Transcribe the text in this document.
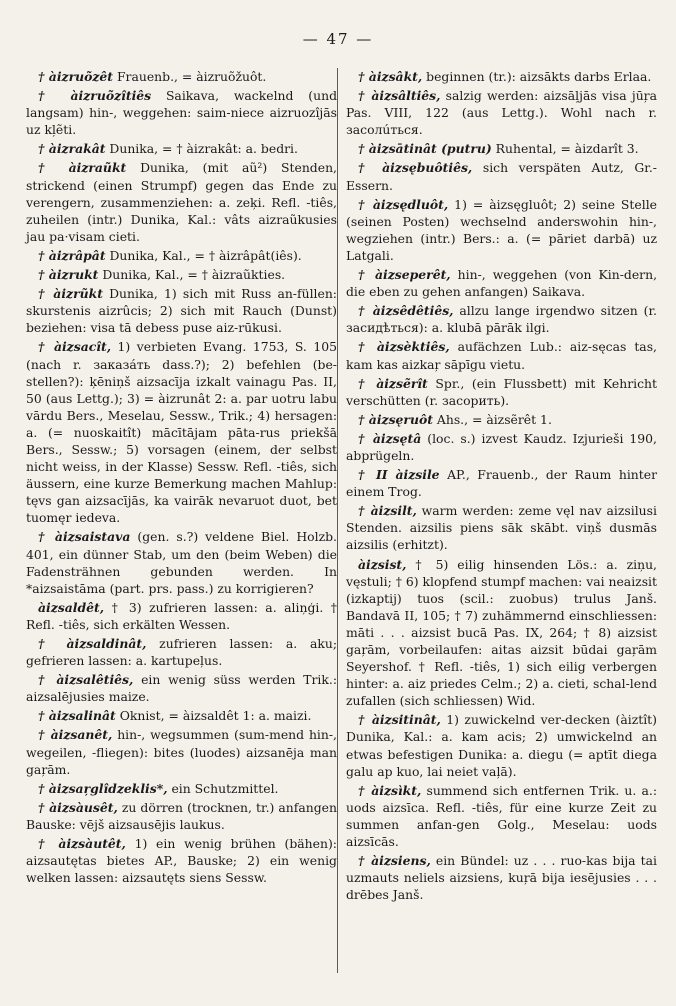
— 47 —

† àizruõzêt Frauenb., = àizruõžuôt.

† àizruõzîtiês Saikava, wackelnd (und langsam) hin-, weggehen: saim-niece aizruozîjās uz kl̦ẽti.

† àizrakât Dunika, = † àizrakât: a. bedri.

† àizraũkt Dunika, (mit aũ²) Stenden, strickend (einen Strumpf) gegen das Ende zu verengern, zusammenziehen: a. zeķi. Refl. -tiês, zuheilen (intr.) Dunika, Kal.: vâts aizraũkusies jau pa·visam cieti.

† àizrâpât Dunika, Kal., = † àizrâpât(iês).

† àizrukt Dunika, Kal., = † àizraũkties.

† àizrũkt Dunika, 1) sich mit Russ an-füllen: skurstenis aizrûcis; 2) sich mit Rauch (Dunst) beziehen: visa tā debess puse aiz-rūkusi.

† àizsacît, 1) verbieten Evang. 1753, S. 105 (nach r. заказáть dass.?); 2) befehlen (be-stellen?): ķēniņš aizsacīja izkalt vainagu Pas. II, 50 (aus Lettg.); 3) = àizrunât 2: a. par uotru labu vārdu Bers., Meselau, Sessw., Trik.; 4) hersagen: a. (= nuoskaitît) mācītājam pāta-rus priekšā Bers., Sessw.; 5) vorsagen (einem, der selbst nicht weiss, in der Klasse) Sessw. Refl. -tiês, sich äussern, eine kurze Bemerkung machen Mahlup: tęvs gan aizsacījās, ka vairāk nevaruot duot, bet tuomęr iedeva.

† àizsaistava (gen. s.?) veldene Biel. Holzb. 401, ein dünner Stab, um den (beim Weben) die Fadensträhnen gebunden werden. In *aizsaistāma (part. prs. pass.) zu korrigieren?

àizsaldêt, † 3) zufrieren lassen: a. aliņģi. † Refl. -tiês, sich erkälten Wessen.

† àizsaldinât, zufrieren lassen: a. aku; gefrieren lassen: a. kartupeļus.

† àizsalêtiês, ein wenig süss werden Trik.: aizsalējusies maize.

† àizsalinât Oknist, = àizsaldêt 1: a. maizi.

† àizsanêt, hin-, wegsummen (sum-mend hin-, wegeilen, -fliegen): bites (luodes) aizsanēja man gaŗām.

† àizsaŗglîdzeklis*, ein Schutzmittel.

† àizsàusêt, zu dörren (trocknen, tr.) anfangen Bauske: vējš aizsausējis laukus.

† àizsàutêt, 1) ein wenig brühen (bähen): aizsautętas bietes AP., Bauske; 2) ein wenig welken lassen: aizsautęts siens Sessw.

† àizsâkt, beginnen (tr.): aizsākts darbs Erlaa.

† àizsâltiês, salzig werden: aizsāl̦jās visa jūŗa Pas. VIII, 122 (aus Lettg.). Wohl nach r. засолúться.

† àizsātinât (putru) Ruhental, = àizdarît 3.

† àizsębuôtiês, sich verspäten Autz, Gr.-Essern.

† àizsędluôt, 1) = àizsęgluôt; 2) seine Stelle (seinen Posten) wechselnd anderswohin hin-, wegziehen (intr.) Bers.: a. (= pāriet darbā) uz Latgali.

† àizseperêt, hin-, weggehen (von Kin-dern, die eben zu gehen anfangen) Saikava.

† àizsêdêtiês, allzu lange irgendwo sitzen (r. засидѣться): a. klubā pārāk ilgi.

† àizsèktiês, aufächzen Lub.: aiz-sęcas tas, kam kas aizkaŗ sāpīgu vietu.

† àizsẽrît Spr., (ein Flussbett) mit Kehricht verschütten (r. засорить).

† àizsęruôt Ahs., = àizsẽrêt 1.

† àizsętâ (loc. s.) izvest Kaudz. Izjurieši 190, abprügeln.

† II àizsile AP., Frauenb., der Raum hinter einem Trog.

† àizsilt, warm werden: zeme vęl nav aizsilusi Stenden. aizsilis piens sāk skābt. viņš dusmās aizsilis (erhitzt).

àizsist, † 5) eilig hinsenden Lös.: a. ziņu, vęstuli; † 6) klopfend stumpf machen: vai neaizsit (izkaptij) tuos (scil.: zuobus) trulus Janš. Bandavā II, 105; † 7) zuhämmernd einschliessen: māti . . . aizsist bucā Pas. IX, 264; † 8) aizsist gaŗām, vorbeilaufen: aitas aizsit būdai gaŗām Seyershof. † Refl. -tiês, 1) sich eilig verbergen hinter: a. aiz priedes Celm.; 2) a. cieti, schal-lend zufallen (sich schliessen) Wid.

† àizsitinât, 1) zuwickelnd ver-decken (àiztît) Dunika, Kal.: a. kam acis; 2) umwickelnd an etwas befestigen Dunika: a. diegu (= aptīt diega galu ap kuo, lai neiet vaļā).

† àizsìkt, summend sich entfernen Trik. u. a.: uods aizsīca. Refl. -tiês, für eine kurze Zeit zu summen anfan-gen Golg., Meselau: uods aizsīcās.

† àizsiens, ein Bündel: uz . . . ruo-kas bija tai uzmauts neliels aizsiens, kuŗā bija iesējusies . . . drēbes Janš.
